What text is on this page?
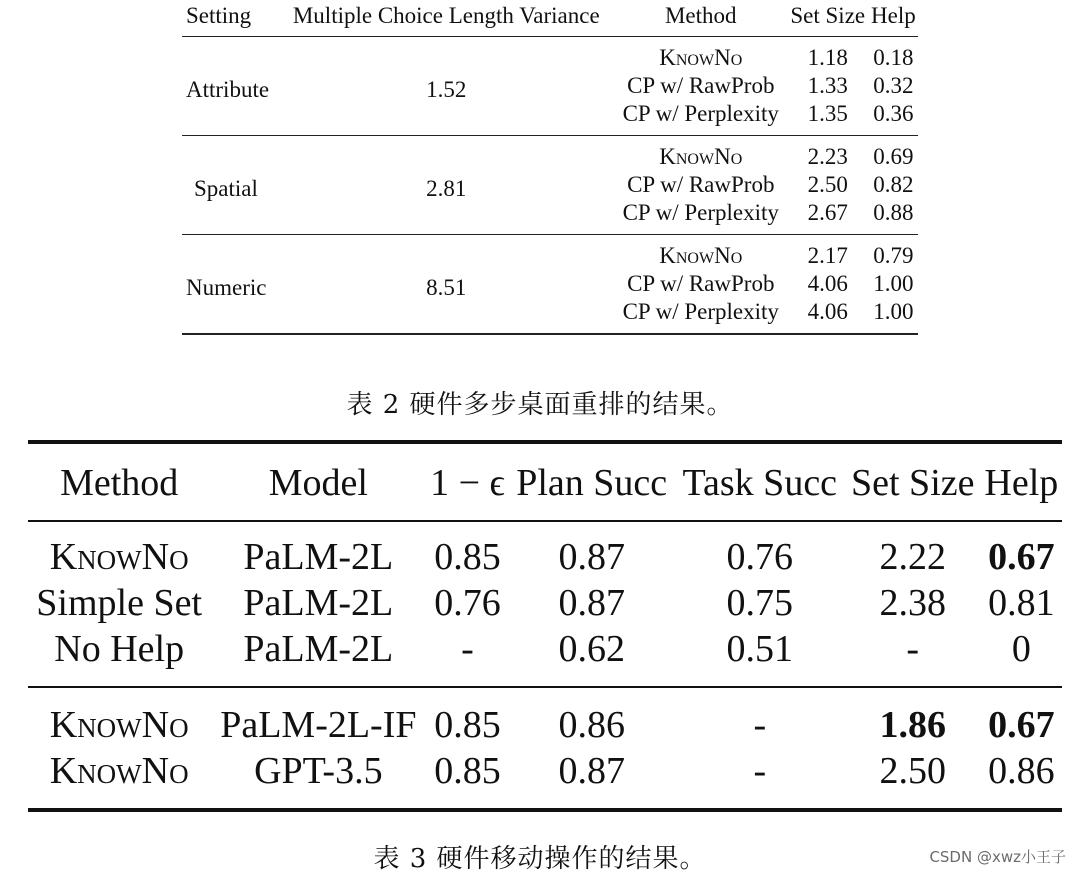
Setting	Multiple Choice Length Variance	Method	Set Size	Help
Attribute	1.52	KnowNo	1.18	0.18
		CP w/ RawProb	1.33	0.32
		CP w/ Perplexity	1.35	0.36
Spatial	2.81	KnowNo	2.23	0.69
		CP w/ RawProb	2.50	0.82
		CP w/ Perplexity	2.67	0.88
Numeric	8.51	KnowNo	2.17	0.79
		CP w/ RawProb	4.06	1.00
		CP w/ Perplexity	4.06	1.00
表 2 硬件多步桌面重排的结果。
Method	Model	1 − ϵ	Plan Succ	Task Succ	Set Size	Help
KnowNo	PaLM-2L	0.85	0.87	0.76	2.22	0.67
Simple Set	PaLM-2L	0.76	0.87	0.75	2.38	0.81
No Help	PaLM-2L	-	0.62	0.51	-	0
KnowNo	PaLM-2L-IF	0.85	0.86	-	1.86	0.67
KnowNo	GPT-3.5	0.85	0.87	-	2.50	0.86
表 3 硬件移动操作的结果。	CSDN @xwz小王子
